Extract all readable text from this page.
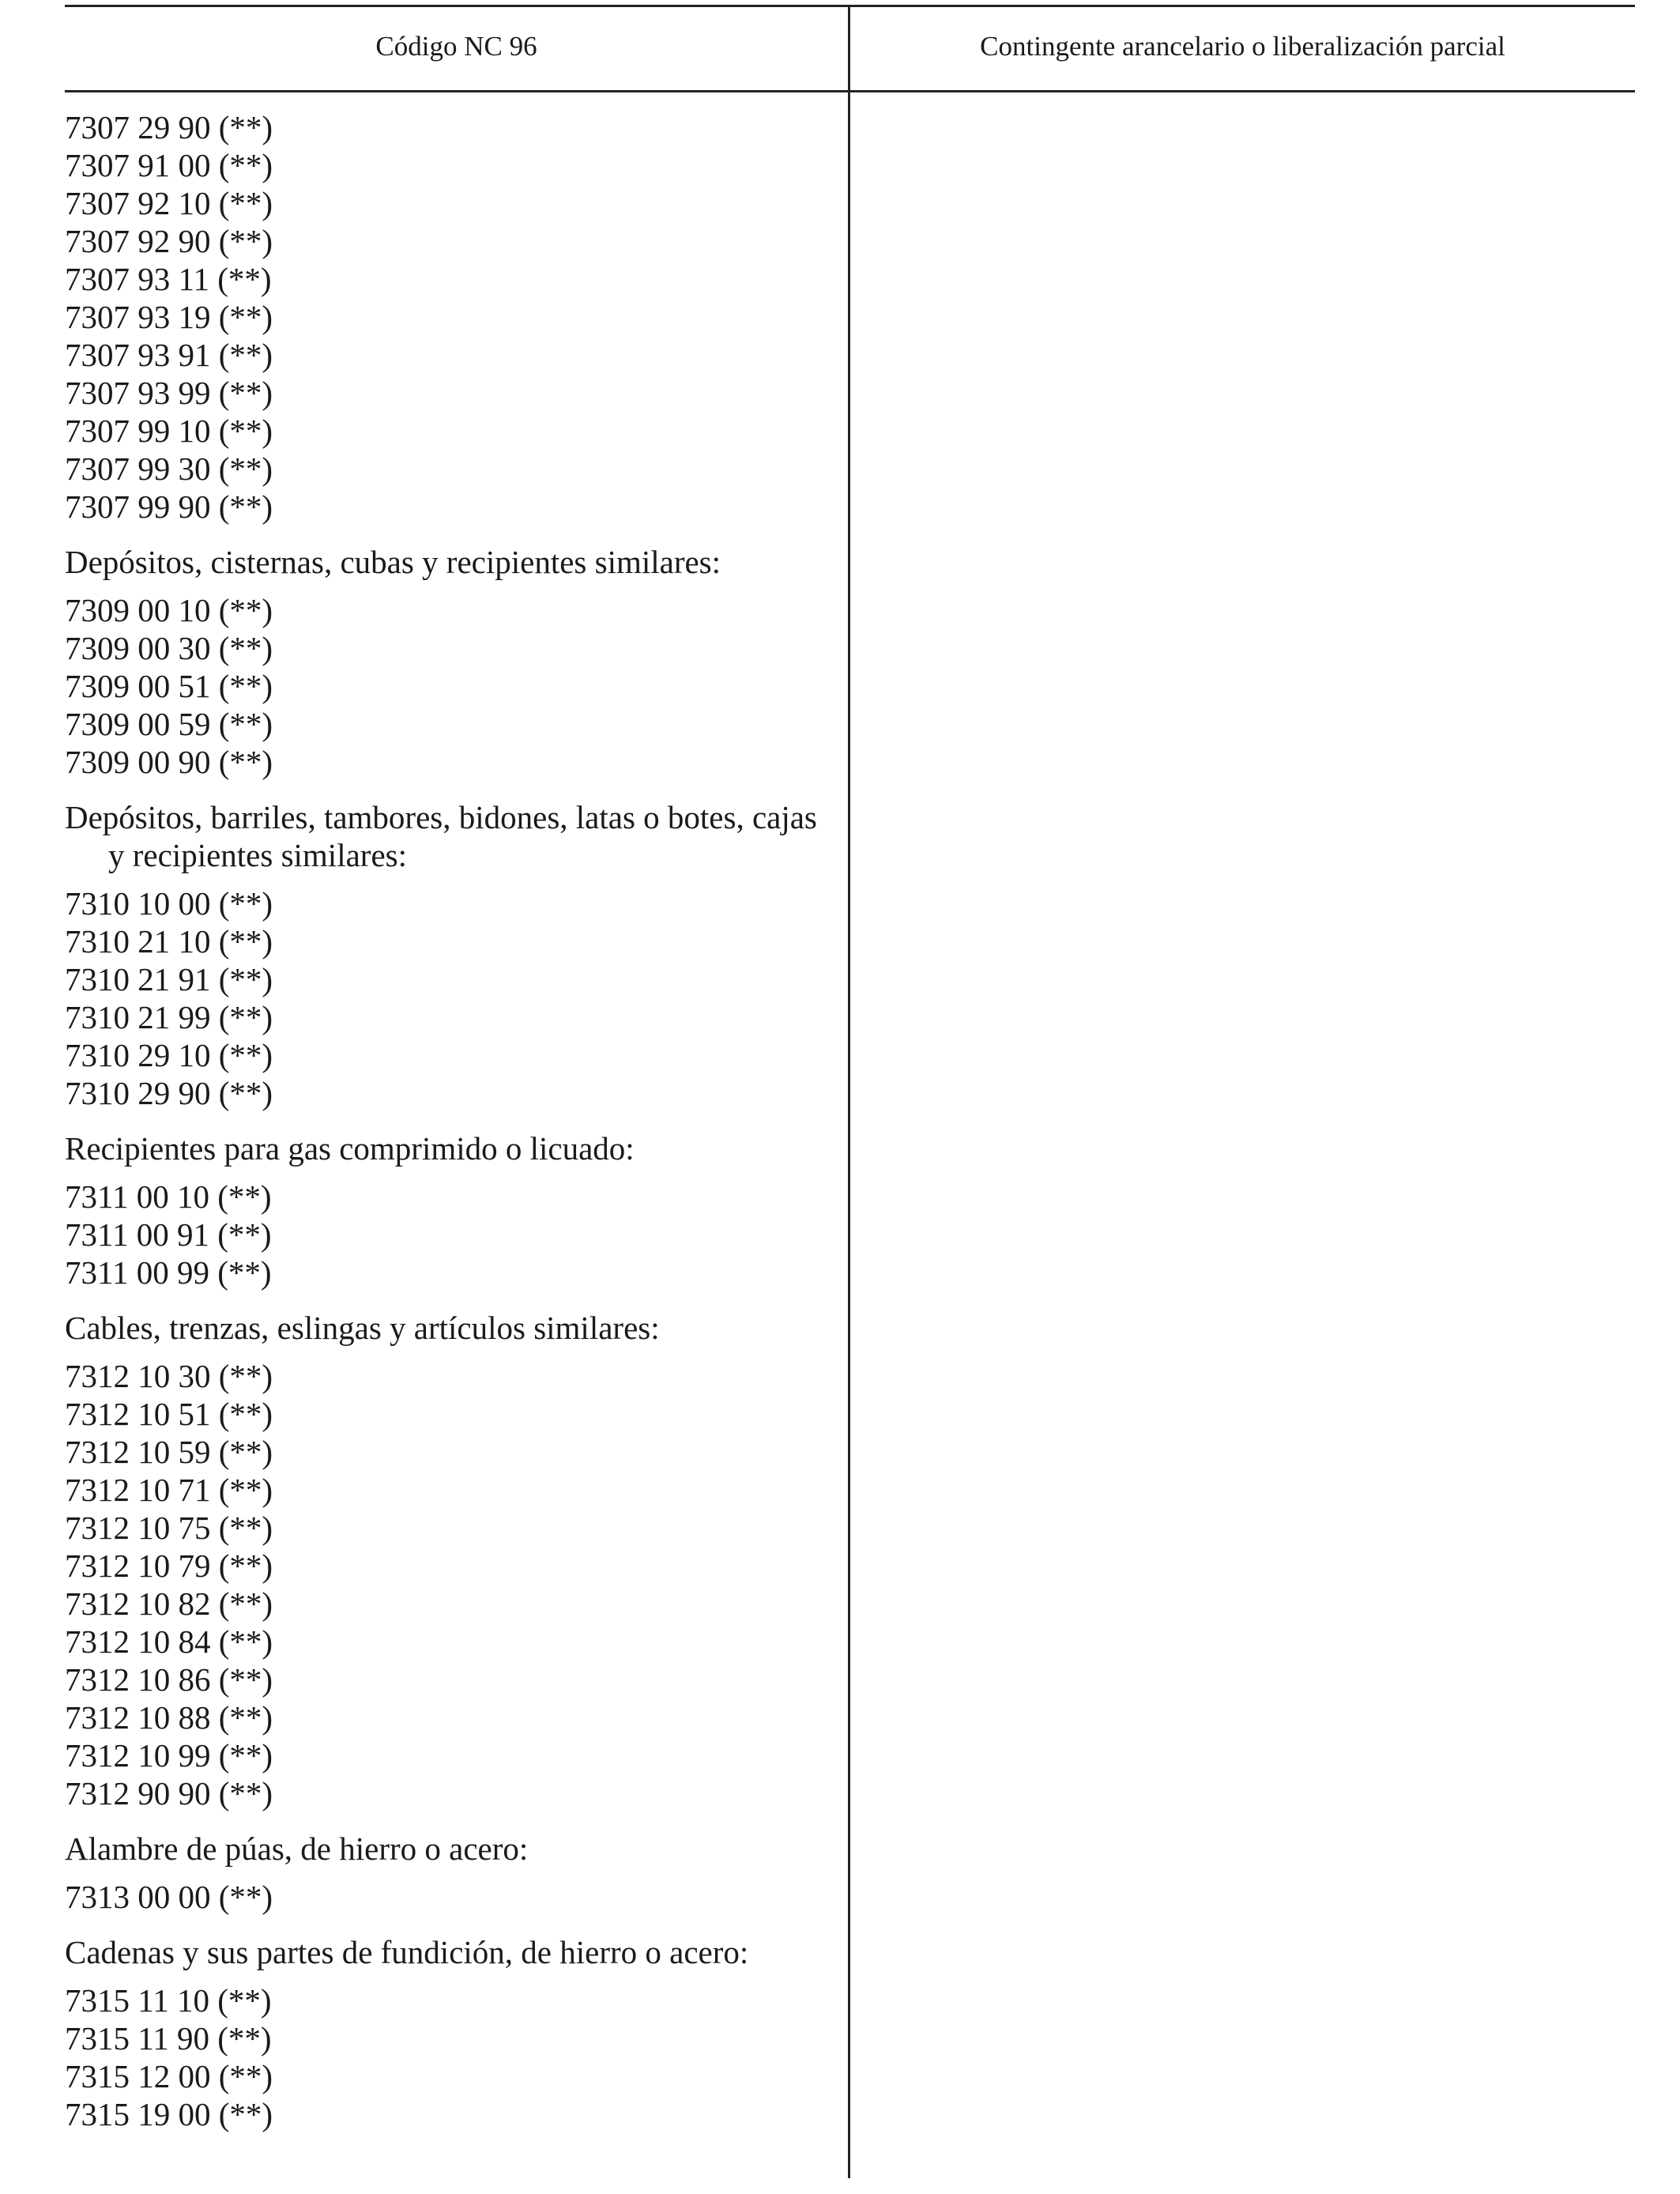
Código NC 96	Contingente arancelario o liberalización parcial
7307 29 90 (**)
7307 91 00 (**)
7307 92 10 (**)
7307 92 90 (**)
7307 93 11 (**)
7307 93 19 (**)
7307 93 91 (**)
7307 93 99 (**)
7307 99 10 (**)
7307 99 30 (**)
7307 99 90 (**)
Depósitos, cisternas, cubas y recipientes similares:
7309 00 10 (**)
7309 00 30 (**)
7309 00 51 (**)
7309 00 59 (**)
7309 00 90 (**)
Depósitos, barriles, tambores, bidones, latas o botes, cajas y recipientes similares:
7310 10 00 (**)
7310 21 10 (**)
7310 21 91 (**)
7310 21 99 (**)
7310 29 10 (**)
7310 29 90 (**)
Recipientes para gas comprimido o licuado:
7311 00 10 (**)
7311 00 91 (**)
7311 00 99 (**)
Cables, trenzas, eslingas y artículos similares:
7312 10 30 (**)
7312 10 51 (**)
7312 10 59 (**)
7312 10 71 (**)
7312 10 75 (**)
7312 10 79 (**)
7312 10 82 (**)
7312 10 84 (**)
7312 10 86 (**)
7312 10 88 (**)
7312 10 99 (**)
7312 90 90 (**)
Alambre de púas, de hierro o acero:
7313 00 00 (**)
Cadenas y sus partes de fundición, de hierro o acero:
7315 11 10 (**)
7315 11 90 (**)
7315 12 00 (**)
7315 19 00 (**)
